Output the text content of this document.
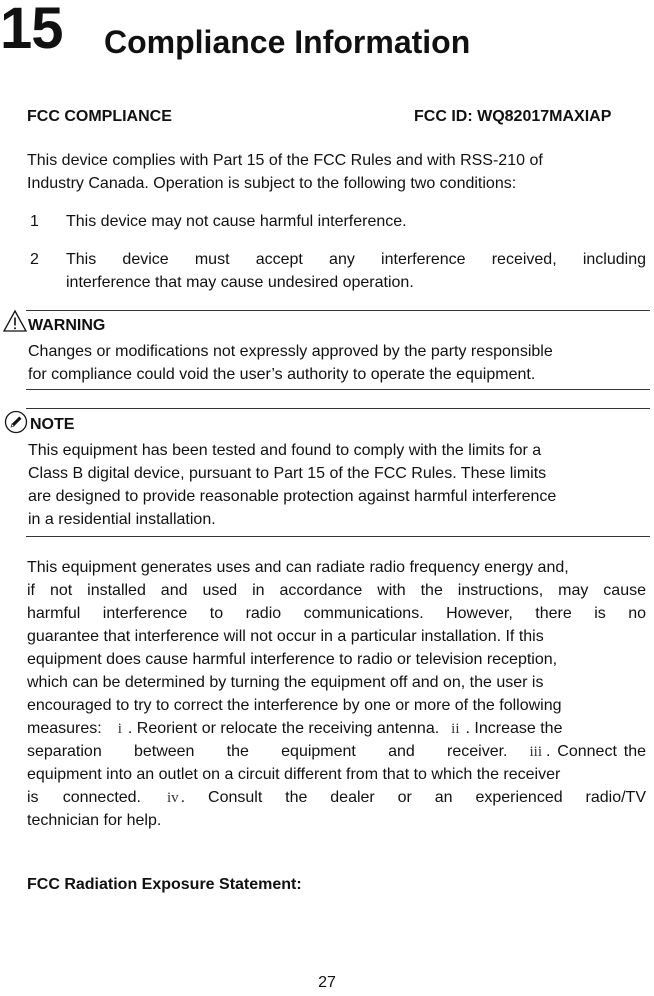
15 Compliance Information
FCC COMPLIANCE	FCC ID: WQ82017MAXIAP
This device complies with Part 15 of the FCC Rules and with RSS-210 of
Industry Canada. Operation is subject to the following two conditions:
1 This device may not cause harmful interference.
2 This device must accept any interference received, including
interference that may cause undesired operation.
WARNING
Changes or modifications not expressly approved by the party responsible
for compliance could void the user’s authority to operate the equipment.
NOTE
This equipment has been tested and found to comply with the limits for a
Class B digital device, pursuant to Part 15 of the FCC Rules. These limits
are designed to provide reasonable protection against harmful interference
in a residential installation.
This equipment generates uses and can radiate radio frequency energy and,
if not installed and used in accordance with the instructions, may cause
harmful interference to radio communications. However, there is no
guarantee that interference will not occur in a particular installation. If this
equipment does cause harmful interference to radio or television reception,
which can be determined by turning the equipment off and on, the user is
encouraged to try to correct the interference by one or more of the following
measures: i . Reorient or relocate the receiving antenna. ii . Increase the
separation between the equipment and receiver. iii . Connect the
equipment into an outlet on a circuit different from that to which the receiver
is connected. iv . Consult the dealer or an experienced radio/TV
technician for help.
FCC Radiation Exposure Statement:
27
